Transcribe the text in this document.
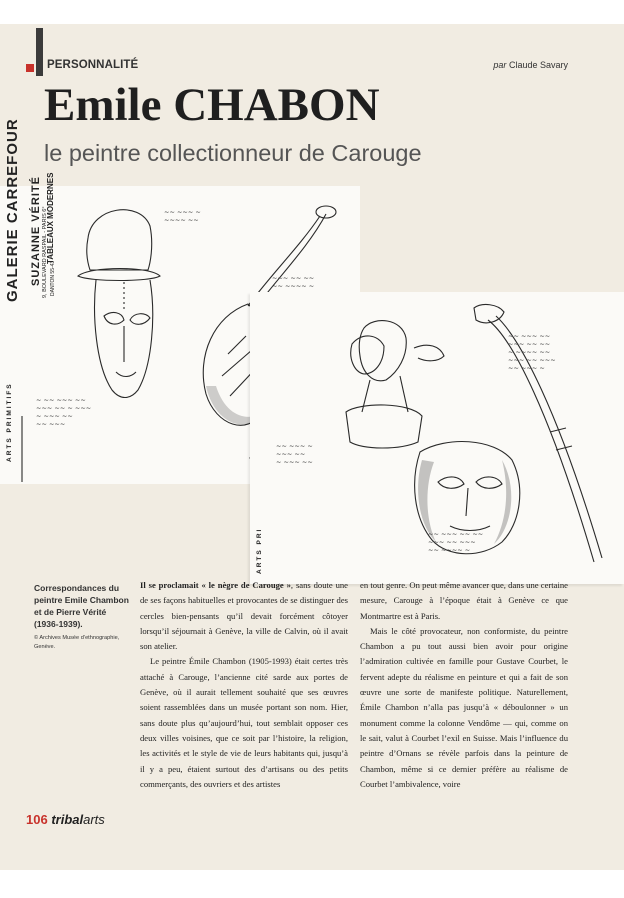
PERSONNALITÉ	par Claude Savary
Emile CHABON
le peintre collectionneur de Carouge
GALERIE CARREFOUR SUZANNE VÉRITÉ TABLEAUX MODERNES
ARTS PRIMITIFS
9, BOULEVARD RASPAIL - PARIS 6° DANTON 55-43
~ ~~ ~~~ ~~
~~~ ~~ ~ ~~~
~ ~~~ ~~
~~ ~~~
~~ ~~~ ~
~~~~ ~~
~~~ ~~ ~~
~~ ~~~~ ~

ARTS PRI
~~ ~~~ ~~
~~~ ~~ ~~
~ ~~~~ ~~
~~~ ~~ ~~~
~~ ~~~ ~
~~ ~~~ ~
~~~ ~~
~ ~~~ ~~
~~ ~~~ ~~ ~~
~~~ ~~ ~~~
~~ ~~~~ ~
Correspondances du peintre Emile Chambon et de Pierre Vérité (1936-1939).
© Archives Musée d’ethnographie, Genève.

Il se proclamait « le nègre de Carouge », sans doute une de ses façons habituelles et provocantes de se distinguer des cercles bien-pensants qu’il devait forcément côtoyer lorsqu’il séjournait à Genève, la ville de Calvin, où il avait son atelier.

Le peintre Émile Chambon (1905-1993) était certes très attaché à Carouge, l’ancienne cité sarde aux portes de Genève, où il aurait tellement souhaité que ses œuvres soient rassemblées dans un musée portant son nom. Hier, sans doute plus qu’aujourd’hui, tout semblait opposer ces deux villes voisines, que ce soit par l’histoire, la religion, les activités et le style de vie de leurs habitants qui, jusqu’à il y a peu, étaient surtout des d’artisans ou des petits commerçants, des ouvriers et des artistes

en tout genre. On peut même avancer que, dans une certaine mesure, Carouge à l’époque était à Genève ce que Montmartre est à Paris.

Mais le côté provocateur, non conformiste, du peintre Chambon a pu tout aussi bien avoir pour origine l’admiration cultivée en famille pour Gustave Courbet, le fervent adepte du réalisme en peinture et qui a fait de son œuvre une sorte de manifeste politique. Naturellement, Émile Chambon n’alla pas jusqu’à « déboulonner » un monument comme la colonne Vendôme — qui, comme on le sait, valut à Courbet l’exil en Suisse. Mais l’influence du peintre d’Ornans se révèle parfois dans la peinture de Chambon, même si ce dernier préfère au réalisme de Courbet l’ambivalence, voire

106 tribalarts
